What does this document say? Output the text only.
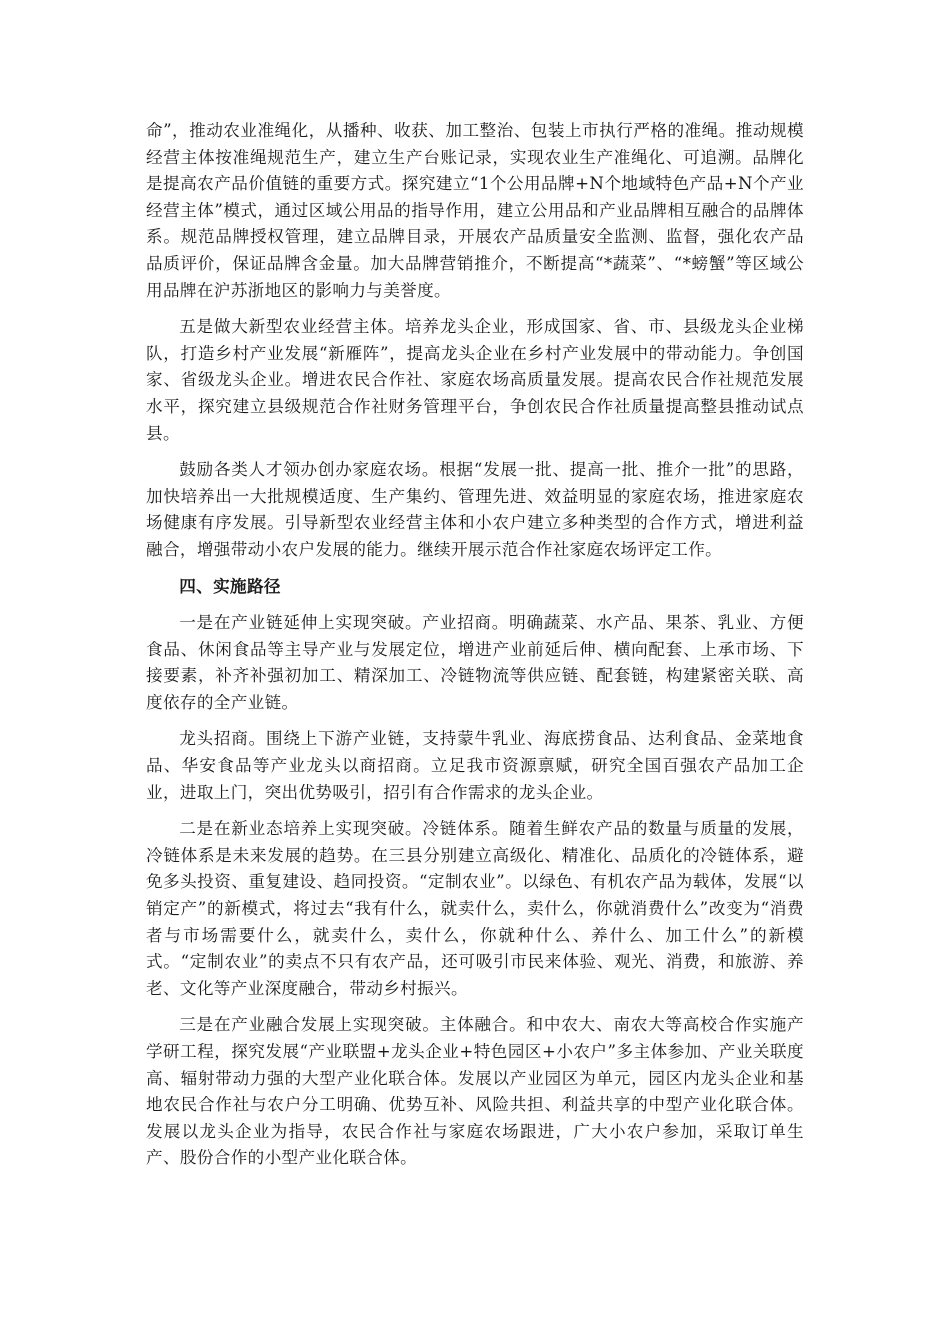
命”，推动农业准绳化，从播种、收获、加工整治、包装上市执行严格的准绳。推动规模经营主体按准绳规范生产，建立生产台账记录，实现农业生产准绳化、可追溯。品牌化是提高农产品价值链的重要方式。探究建立“1个公用品牌+N个地域特色产品+N个产业经营主体”模式，通过区域公用品的指导作用，建立公用品和产业品牌相互融合的品牌体系。规范品牌授权管理，建立品牌目录，开展农产品质量安全监测、监督，强化农产品品质评价，保证品牌含金量。加大品牌营销推介，不断提高“*蔬菜”、“*螃蟹”等区域公用品牌在沪苏浙地区的影响力与美誉度。

五是做大新型农业经营主体。培养龙头企业，形成国家、省、市、县级龙头企业梯队，打造乡村产业发展“新雁阵”，提高龙头企业在乡村产业发展中的带动能力。争创国家、省级龙头企业。增进农民合作社、家庭农场高质量发展。提高农民合作社规范发展水平，探究建立县级规范合作社财务管理平台，争创农民合作社质量提高整县推动试点县。

鼓励各类人才领办创办家庭农场。根据“发展一批、提高一批、推介一批”的思路，加快培养出一大批规模适度、生产集约、管理先进、效益明显的家庭农场，推进家庭农场健康有序发展。引导新型农业经营主体和小农户建立多种类型的合作方式，增进利益融合，增强带动小农户发展的能力。继续开展示范合作社家庭农场评定工作。

四、实施路径

一是在产业链延伸上实现突破。产业招商。明确蔬菜、水产品、果茶、乳业、方便食品、休闲食品等主导产业与发展定位，增进产业前延后伸、横向配套、上承市场、下接要素，补齐补强初加工、精深加工、冷链物流等供应链、配套链，构建紧密关联、高度依存的全产业链。

龙头招商。围绕上下游产业链，支持蒙牛乳业、海底捞食品、达利食品、金菜地食品、华安食品等产业龙头以商招商。立足我市资源禀赋，研究全国百强农产品加工企业，进取上门，突出优势吸引，招引有合作需求的龙头企业。

二是在新业态培养上实现突破。冷链体系。随着生鲜农产品的数量与质量的发展，冷链体系是未来发展的趋势。在三县分别建立高级化、精准化、品质化的冷链体系，避免多头投资、重复建设、趋同投资。“定制农业”。以绿色、有机农产品为载体，发展“以销定产”的新模式，将过去“我有什么，就卖什么，卖什么，你就消费什么”改变为“消费者与市场需要什么，就卖什么，卖什么，你就种什么、养什么、加工什么”的新模式。“定制农业”的卖点不只有农产品，还可吸引市民来体验、观光、消费，和旅游、养老、文化等产业深度融合，带动乡村振兴。

三是在产业融合发展上实现突破。主体融合。和中农大、南农大等高校合作实施产学研工程，探究发展“产业联盟+龙头企业+特色园区+小农户”多主体参加、产业关联度高、辐射带动力强的大型产业化联合体。发展以产业园区为单元，园区内龙头企业和基地农民合作社与农户分工明确、优势互补、风险共担、利益共享的中型产业化联合体。发展以龙头企业为指导，农民合作社与家庭农场跟进，广大小农户参加，采取订单生产、股份合作的小型产业化联合体。
